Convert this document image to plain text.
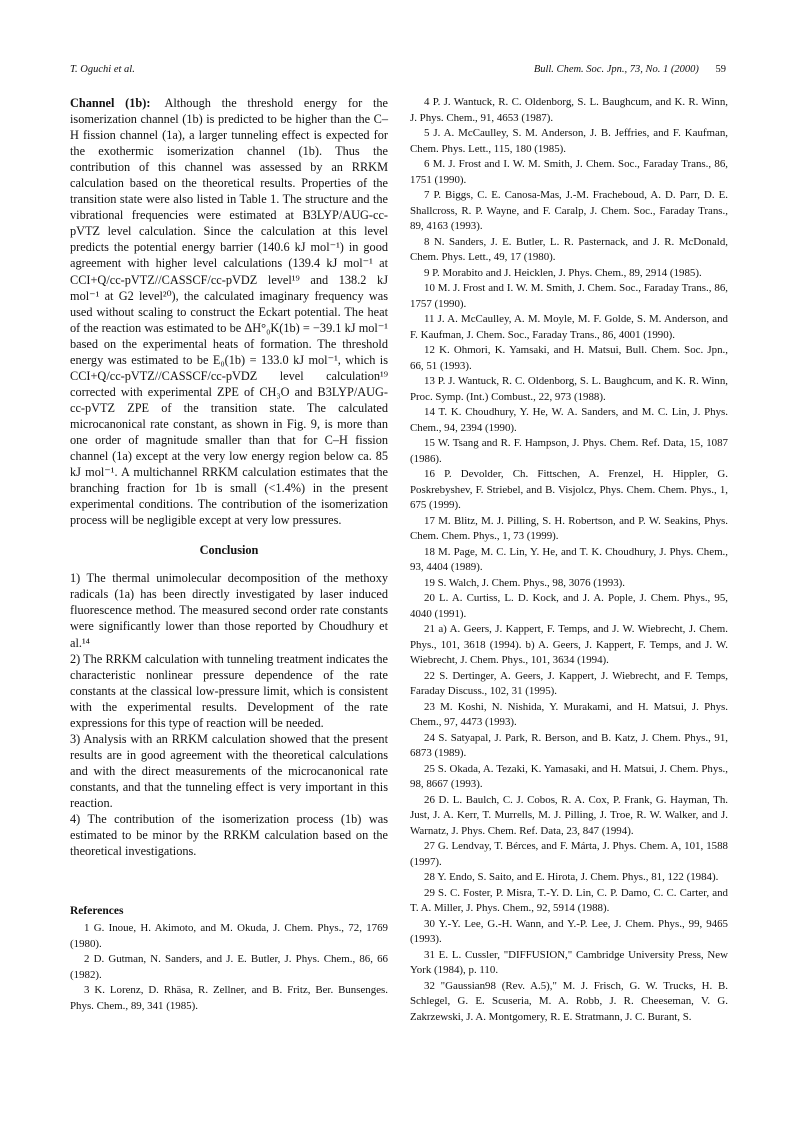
T. Oguchi et al.	Bull. Chem. Soc. Jpn., 73, No. 1 (2000) 59

Channel (1b): Although the threshold energy for the isomerization channel (1b) is predicted to be higher than the C–H fission channel (1a), a larger tunneling effect is expected for the exothermic isomerization channel (1b). Thus the contribution of this channel was assessed by an RRKM calculation based on the theoretical results. Properties of the transition state were also listed in Table 1. The structure and the vibrational frequencies were estimated at B3LYP/AUG-cc-pVTZ level calculation. Since the calculation at this level predicts the potential energy barrier (140.6 kJ mol⁻¹) in good agreement with higher level calculations (139.4 kJ mol⁻¹ at CCI+Q/cc-pVTZ//CASSCF/cc-pVDZ level¹⁹ and 138.2 kJ mol⁻¹ at G2 level²⁰), the calculated imaginary frequency was used without scaling to construct the Eckart potential. The heat of the reaction was estimated to be ΔH°₀K(1b) = −39.1 kJ mol⁻¹ based on the experimental heats of formation. The threshold energy was estimated to be E₀(1b) = 133.0 kJ mol⁻¹, which is CCI+Q/cc-pVTZ//CASSCF/cc-pVDZ level calculation¹⁹ corrected with experimental ZPE of CH₃O and B3LYP/AUG-cc-pVTZ ZPE of the transition state. The calculated microcanonical rate constant, as shown in Fig. 9, is more than one order of magnitude smaller than that for C–H fission channel (1a) except at the very low energy region below ca. 85 kJ mol⁻¹. A multichannel RRKM calculation estimates that the branching fraction for 1b is small (<1.4%) in the present experimental conditions. The contribution of the isomerization process will be negligible except at very low pressures.

Conclusion

1) The thermal unimolecular decomposition of the methoxy radicals (1a) has been directly investigated by laser induced fluorescence method. The measured second order rate constants were significantly lower than those reported by Choudhury et al.¹⁴

2) The RRKM calculation with tunneling treatment indicates the characteristic nonlinear pressure dependence of the rate constants at the classical low-pressure limit, which is consistent with the experimental results. Development of the rate expressions for this type of reaction will be needed.

3) Analysis with an RRKM calculation showed that the present results are in good agreement with the theoretical calculations and with the direct measurements of the microcanonical rate constants, and that the tunneling effect is very important in this reaction.

4) The contribution of the isomerization process (1b) was estimated to be minor by the RRKM calculation based on the theoretical investigations.

References

1 G. Inoue, H. Akimoto, and M. Okuda, J. Chem. Phys., 72, 1769 (1980).

2 D. Gutman, N. Sanders, and J. E. Butler, J. Phys. Chem., 86, 66 (1982).

3 K. Lorenz, D. Rhäsa, R. Zellner, and B. Fritz, Ber. Bunsenges. Phys. Chem., 89, 341 (1985).

4 P. J. Wantuck, R. C. Oldenborg, S. L. Baughcum, and K. R. Winn, J. Phys. Chem., 91, 4653 (1987).

5 J. A. McCaulley, S. M. Anderson, J. B. Jeffries, and F. Kaufman, Chem. Phys. Lett., 115, 180 (1985).

6 M. J. Frost and I. W. M. Smith, J. Chem. Soc., Faraday Trans., 86, 1751 (1990).

7 P. Biggs, C. E. Canosa-Mas, J.-M. Fracheboud, A. D. Parr, D. E. Shallcross, R. P. Wayne, and F. Caralp, J. Chem. Soc., Faraday Trans., 89, 4163 (1993).

8 N. Sanders, J. E. Butler, L. R. Pasternack, and J. R. McDonald, Chem. Phys. Lett., 49, 17 (1980).

9 P. Morabito and J. Heicklen, J. Phys. Chem., 89, 2914 (1985).

10 M. J. Frost and I. W. M. Smith, J. Chem. Soc., Faraday Trans., 86, 1757 (1990).

11 J. A. McCaulley, A. M. Moyle, M. F. Golde, S. M. Anderson, and F. Kaufman, J. Chem. Soc., Faraday Trans., 86, 4001 (1990).

12 K. Ohmori, K. Yamsaki, and H. Matsui, Bull. Chem. Soc. Jpn., 66, 51 (1993).

13 P. J. Wantuck, R. C. Oldenborg, S. L. Baughcum, and K. R. Winn, Proc. Symp. (Int.) Combust., 22, 973 (1988).

14 T. K. Choudhury, Y. He, W. A. Sanders, and M. C. Lin, J. Phys. Chem., 94, 2394 (1990).

15 W. Tsang and R. F. Hampson, J. Phys. Chem. Ref. Data, 15, 1087 (1986).

16 P. Devolder, Ch. Fittschen, A. Frenzel, H. Hippler, G. Poskrebyshev, F. Striebel, and B. Visjolcz, Phys. Chem. Chem. Phys., 1, 675 (1999).

17 M. Blitz, M. J. Pilling, S. H. Robertson, and P. W. Seakins, Phys. Chem. Chem. Phys., 1, 73 (1999).

18 M. Page, M. C. Lin, Y. He, and T. K. Choudhury, J. Phys. Chem., 93, 4404 (1989).

19 S. Walch, J. Chem. Phys., 98, 3076 (1993).

20 L. A. Curtiss, L. D. Kock, and J. A. Pople, J. Chem. Phys., 95, 4040 (1991).

21 a) A. Geers, J. Kappert, F. Temps, and J. W. Wiebrecht, J. Chem. Phys., 101, 3618 (1994). b) A. Geers, J. Kappert, F. Temps, and J. W. Wiebrecht, J. Chem. Phys., 101, 3634 (1994).

22 S. Dertinger, A. Geers, J. Kappert, J. Wiebrecht, and F. Temps, Faraday Discuss., 102, 31 (1995).

23 M. Koshi, N. Nishida, Y. Murakami, and H. Matsui, J. Phys. Chem., 97, 4473 (1993).

24 S. Satyapal, J. Park, R. Berson, and B. Katz, J. Chem. Phys., 91, 6873 (1989).

25 S. Okada, A. Tezaki, K. Yamasaki, and H. Matsui, J. Chem. Phys., 98, 8667 (1993).

26 D. L. Baulch, C. J. Cobos, R. A. Cox, P. Frank, G. Hayman, Th. Just, J. A. Kerr, T. Murrells, M. J. Pilling, J. Troe, R. W. Walker, and J. Warnatz, J. Phys. Chem. Ref. Data, 23, 847 (1994).

27 G. Lendvay, T. Bérces, and F. Márta, J. Phys. Chem. A, 101, 1588 (1997).

28 Y. Endo, S. Saito, and E. Hirota, J. Chem. Phys., 81, 122 (1984).

29 S. C. Foster, P. Misra, T.-Y. D. Lin, C. P. Damo, C. C. Carter, and T. A. Miller, J. Phys. Chem., 92, 5914 (1988).

30 Y.-Y. Lee, G.-H. Wann, and Y.-P. Lee, J. Chem. Phys., 99, 9465 (1993).

31 E. L. Cussler, "DIFFUSION," Cambridge University Press, New York (1984), p. 110.

32 "Gaussian98 (Rev. A.5)," M. J. Frisch, G. W. Trucks, H. B. Schlegel, G. E. Scuseria, M. A. Robb, J. R. Cheeseman, V. G. Zakrzewski, J. A. Montgomery, R. E. Stratmann, J. C. Burant, S.
